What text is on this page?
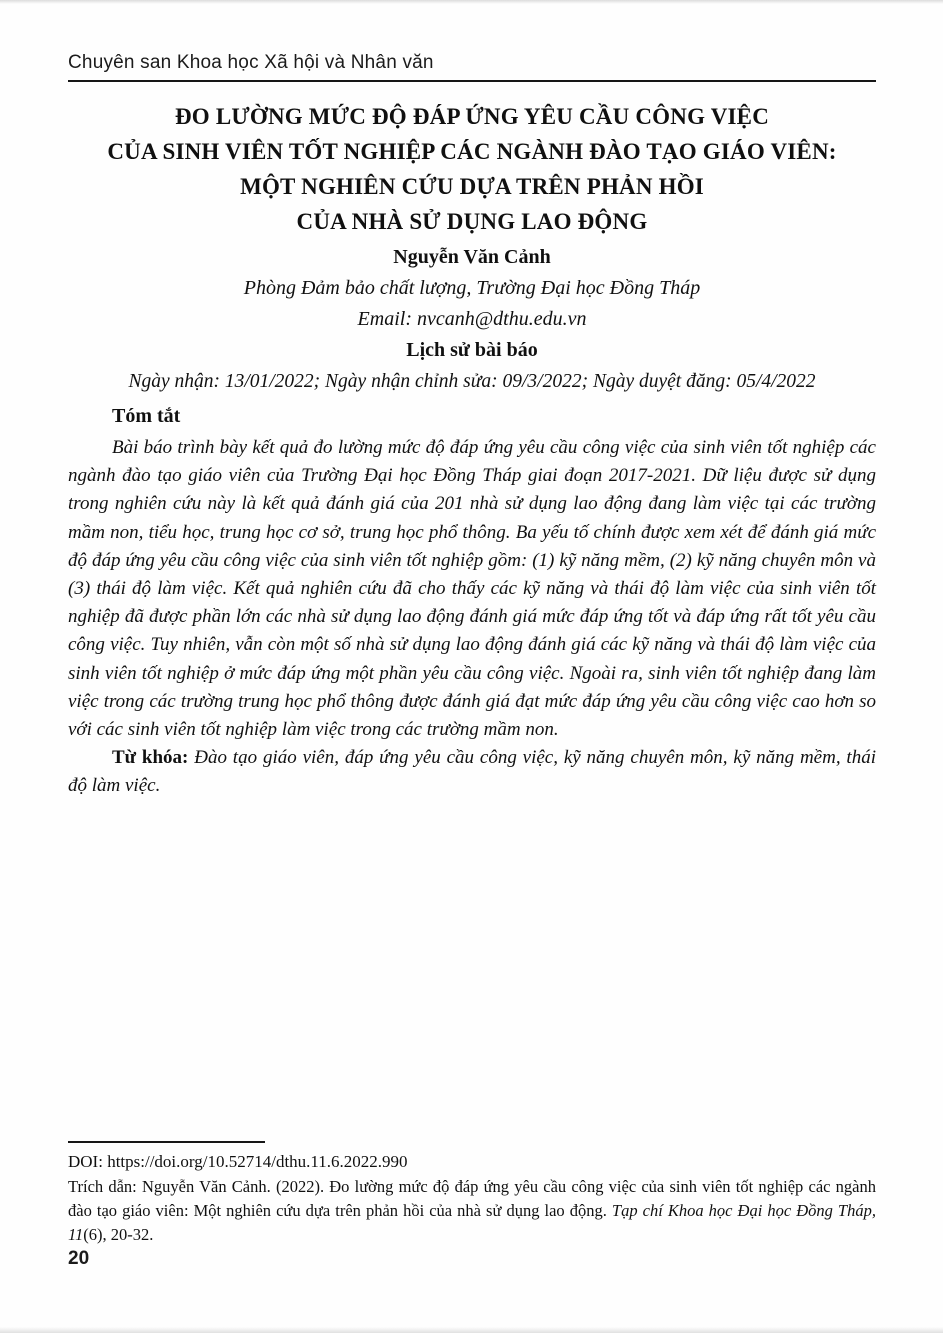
Chuyên san Khoa học Xã hội và Nhân văn
ĐO LƯỜNG MỨC ĐỘ ĐÁP ỨNG YÊU CẦU CÔNG VIỆC
CỦA SINH VIÊN TỐT NGHIỆP CÁC NGÀNH ĐÀO TẠO GIÁO VIÊN:
MỘT NGHIÊN CỨU DỰA TRÊN PHẢN HỒI
CỦA NHÀ SỬ DỤNG LAO ĐỘNG
Nguyễn Văn Cảnh
Phòng Đảm bảo chất lượng, Trường Đại học Đồng Tháp
Email: nvcanh@dthu.edu.vn
Lịch sử bài báo
Ngày nhận: 13/01/2022; Ngày nhận chỉnh sửa: 09/3/2022; Ngày duyệt đăng: 05/4/2022
Tóm tắt

Bài báo trình bày kết quả đo lường mức độ đáp ứng yêu cầu công việc của sinh viên tốt nghiệp các ngành đào tạo giáo viên của Trường Đại học Đồng Tháp giai đoạn 2017-2021. Dữ liệu được sử dụng trong nghiên cứu này là kết quả đánh giá của 201 nhà sử dụng lao động đang làm việc tại các trường mầm non, tiểu học, trung học cơ sở, trung học phổ thông. Ba yếu tố chính được xem xét để đánh giá mức độ đáp ứng yêu cầu công việc của sinh viên tốt nghiệp gồm: (1) kỹ năng mềm, (2) kỹ năng chuyên môn và (3) thái độ làm việc. Kết quả nghiên cứu đã cho thấy các kỹ năng và thái độ làm việc của sinh viên tốt nghiệp đã được phần lớn các nhà sử dụng lao động đánh giá mức đáp ứng tốt và đáp ứng rất tốt yêu cầu công việc. Tuy nhiên, vẫn còn một số nhà sử dụng lao động đánh giá các kỹ năng và thái độ làm việc của sinh viên tốt nghiệp ở mức đáp ứng một phần yêu cầu công việc. Ngoài ra, sinh viên tốt nghiệp đang làm việc trong các trường trung học phổ thông được đánh giá đạt mức đáp ứng yêu cầu công việc cao hơn so với các sinh viên tốt nghiệp làm việc trong các trường mầm non.

Từ khóa: Đào tạo giáo viên, đáp ứng yêu cầu công việc, kỹ năng chuyên môn, kỹ năng mềm, thái độ làm việc.

DOI: https://doi.org/10.52714/dthu.11.6.2022.990

Trích dẫn: Nguyễn Văn Cảnh. (2022). Đo lường mức độ đáp ứng yêu cầu công việc của sinh viên tốt nghiệp các ngành đào tạo giáo viên: Một nghiên cứu dựa trên phản hồi của nhà sử dụng lao động. Tạp chí Khoa học Đại học Đồng Tháp, 11(6), 20-32.

20
